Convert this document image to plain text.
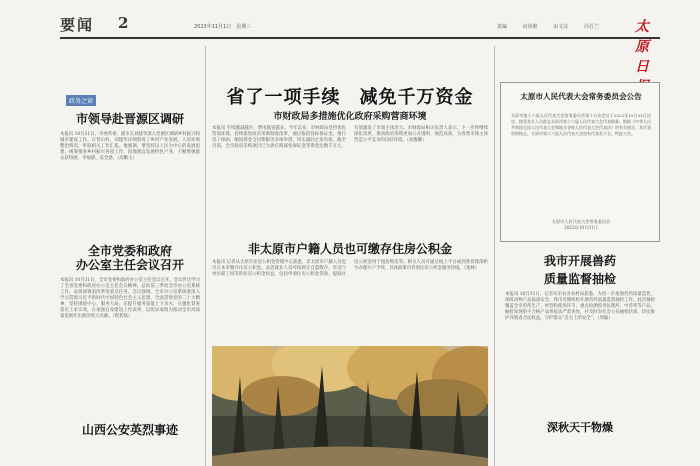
要闻 2	2023年11月1日　星期三	责编	谊侠维	由文亮	冯吾兰	太原日
政务之窗
市领导赴晋源区调研
本报讯 10月31日，市委常委、副市长刘建华深入晋源区调研乡村振兴和城市建设工作。在晋山村，刘建华详细察看了乡村产业发展、人居环境整治情况，听取相关工作汇报。他强调，要坚持以人民为中心的发展思想，统筹推进乡村振兴各项工作，因地制宜发展特色产业，不断增强群众获得感、幸福感、安全感。（高鹏玉）
全市党委和政府
办公室主任会议召开
本报讯 10月31日，全市党委和政府办公室主任会议召开。会议传达学习了全省党委和政府办公室主任会议精神，总结前三季度全市办公室系统工作，安排部署第四季度重点任务。会议强调，全市办公室系统要深入学习贯彻习近平新时代中国特色社会主义思想，全面贯彻党的二十大精神，坚持围绕中心、服务大局，在提升服务质量上下功夫，在强化督查落实上求实效，在加强自身建设上作表率，以优异成绩为推动全市高质量发展作出新的更大贡献。（程智斌）
山西公安英烈事迹
省了一项手续　减免千万资金
市财政局多措施优化政府采购营商环境
本报讯 手续越减越少，费用越省越多。今年以来，市财政局坚持优化营商环境，持续推进政府采购制度改革，通过取消投标保证金、推行电子保函、缩短资金支付期限等多项举措，切实减轻企业负担。截至目前，全市政府采购项目已为供应商减免保证金等资金达数千万元，有效激发了市场主体活力。市财政局相关负责人表示，下一步将继续深化改革，推动政府采购更加公开透明、规范高效，为各类市场主体营造公平竞争的良好环境。（孙馥馨）
非太原市户籍人员也可缴存住房公积金
本报讯 记者从太原市住房公积金管理中心获悉，非太原市户籍人员也可在本市缴存住房公积金。灵活就业人员可按规定自愿缴存，享受与单位职工同等的住房公积金权益，包括申请住房公积金贷款、提取住房公积金用于租房购房等。相关人员可通过线上平台或到各管理部柜台办理开户手续，具体政策可咨询住房公积金服务热线。（张林）
太原市人民代表大会常务委员会公告
太原市第十六届人民代表大会常务委员会第十五次会议于2023年10月31日决定，接受有关人员辞去太原市第十六届人民代表大会代表职务。根据《中华人民共和国全国人民代表大会和地方各级人民代表大会代表法》的有关规定，其代表资格终止。太原市第十六届人民代表大会现有代表若干名。特此公告。
太原市人民代表大会常务委员会
2023年10月31日
我市开展兽药
质量监督抽检
本报讯 10月31日，记者从市农业农村局获悉，为进一步加强兽药质量监管，保障动物产品质量安全，我市近期组织开展兽药质量监督抽检工作。此次抽检覆盖全市兽药生产、经营和使用环节，重点检测兽用抗菌药、中兽药等产品。抽检发现的不合格产品将依法严肃查处，并及时向社会公布抽检结果，切实维护养殖者合法权益，守护群众“舌尖上的安全”。（周颖）
深秋天干物燥
